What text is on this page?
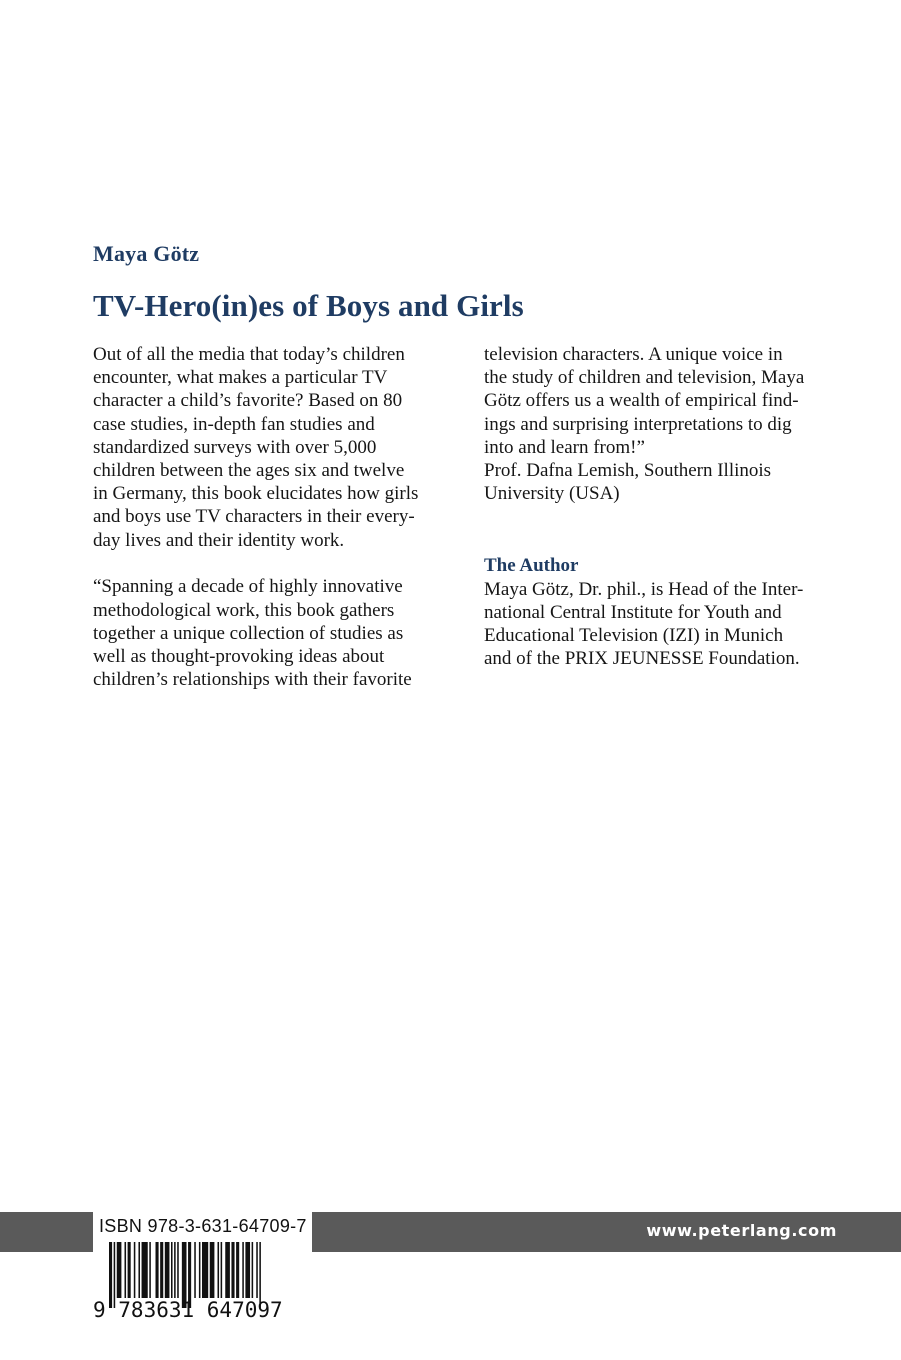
Maya Götz
TV-Hero(in)es of Boys and Girls
Out of all the media that today’s children
encounter, what makes a particular TV
character a child’s favorite? Based on 80
case studies, in-depth fan studies and
standardized surveys with over 5,000
children between the ages six and twelve
in Germany, this book elucidates how girls
and boys use TV characters in their every-
day lives and their identity work.
“Spanning a decade of highly innovative
methodological work, this book gathers
together a unique collection of studies as
well as thought-provoking ideas about
children’s relationships with their favorite
television characters. A unique voice in
the study of children and television, Maya
Götz offers us a wealth of empirical find-
ings and surprising interpretations to dig
into and learn from!”
Prof. Dafna Lemish, Southern Illinois
University (USA)
The Author
Maya Götz, Dr. phil., is Head of the Inter-
national Central Institute for Youth and
Educational Television (IZI) in Munich
and of the PRIX JEUNESSE Foundation.
www.peterlang.com
ISBN 978-3-631-64709-7
9 783631 647097
